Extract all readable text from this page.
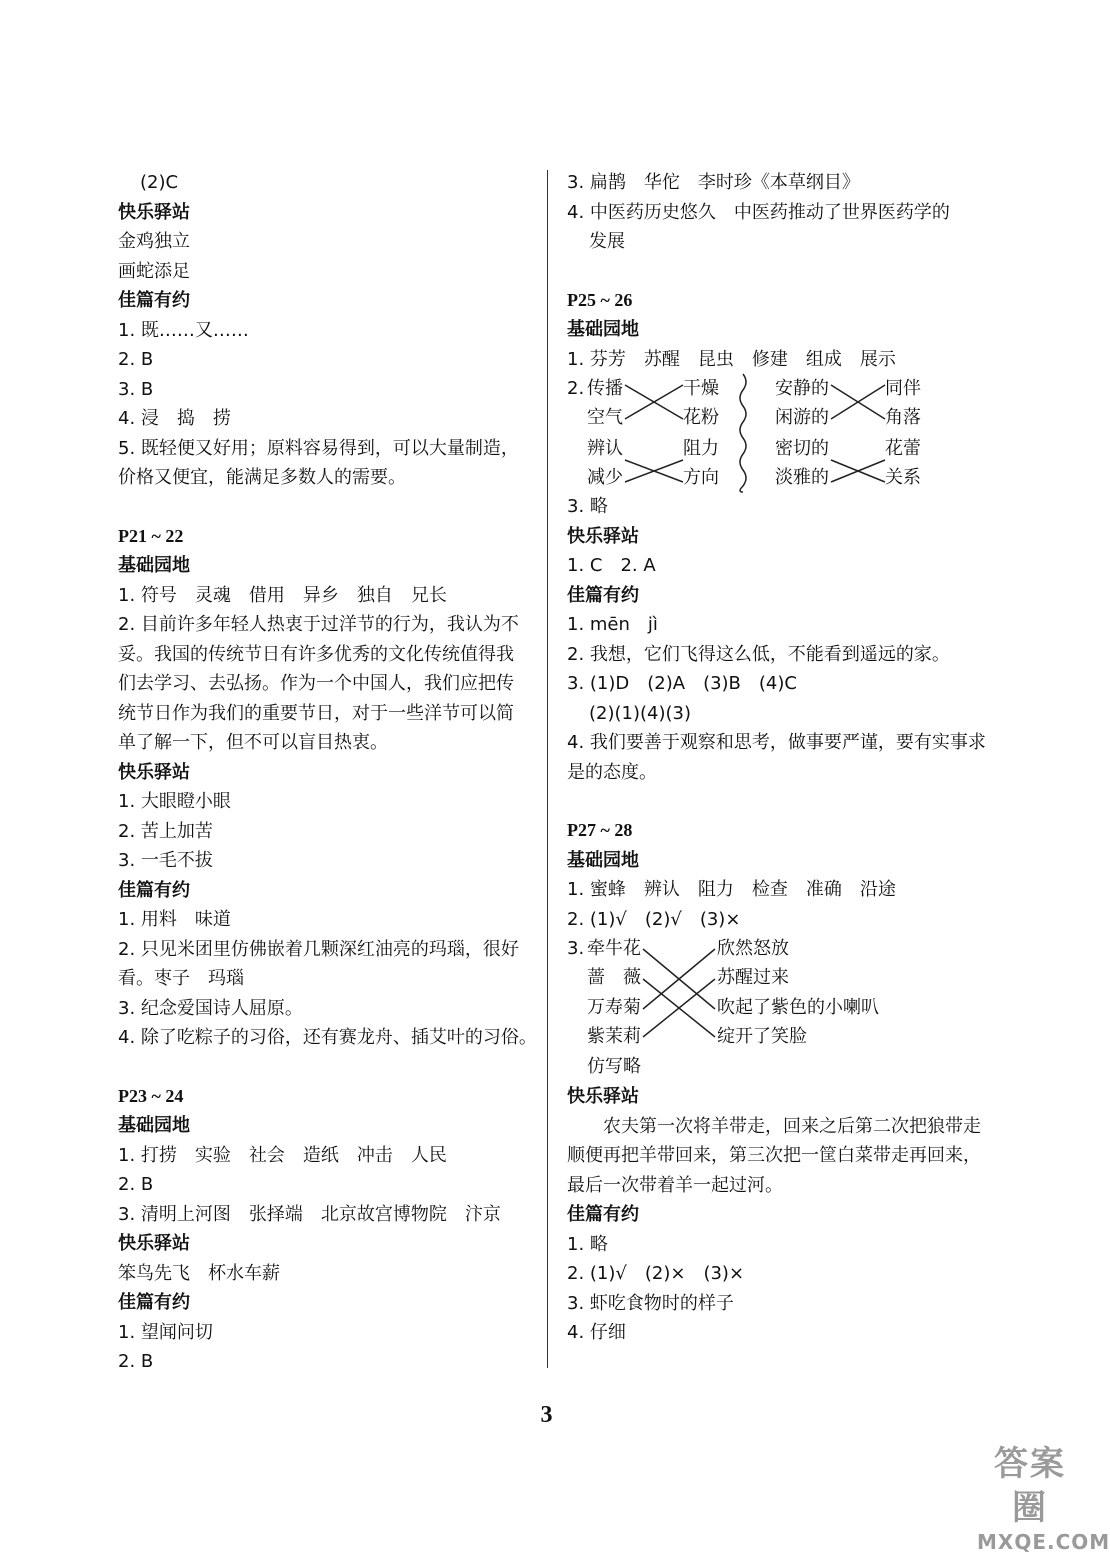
(2)C
快乐驿站
金鸡独立
画蛇添足
佳篇有约
1. 既……又……
2. B
3. B
4. 浸　捣　捞
5. 既轻便又好用；原料容易得到，可以大量制造，价格又便宜，能满足多数人的需要。
P21 ~ 22
基础园地
1. 符号　灵魂　借用　异乡　独自　兄长
2. 目前许多年轻人热衷于过洋节的行为，我认为不妥。我国的传统节日有许多优秀的文化传统值得我们去学习、去弘扬。作为一个中国人，我们应把传统节日作为我们的重要节日，对于一些洋节可以简单了解一下，但不可以盲目热衷。
快乐驿站
1. 大眼瞪小眼
2. 苦上加苦
3. 一毛不拔
佳篇有约
1. 用料　味道
2. 只见米团里仿佛嵌着几颗深红油亮的玛瑙，很好看。枣子　玛瑙
3. 纪念爱国诗人屈原。
4. 除了吃粽子的习俗，还有赛龙舟、插艾叶的习俗。
P23 ~ 24
基础园地
1. 打捞　实验　社会　造纸　冲击　人民
2. B
3. 清明上河图　张择端　北京故宫博物院　汴京
快乐驿站
笨鸟先飞　杯水车薪
佳篇有约
1. 望闻问切
2. B
3. 扁鹊　华佗　李时珍《本草纲目》
4. 中医药历史悠久　中医药推动了世界医药学的
发展
P25 ~ 26
基础园地
1. 芬芳　苏醒　昆虫　修建　组成　展示
2. 传播
空气
辨认
减少
干燥
花粉
阻力
方向
安静的
闲游的
密切的
淡雅的
同伴
角落
花蕾
关系
3. 略
快乐驿站
1. C　2. A
佳篇有约
1. mēn　jì
2. 我想，它们飞得这么低，不能看到遥远的家。
3. (1)D　(2)A　(3)B　(4)C
(2)(1)(4)(3)
4. 我们要善于观察和思考，做事要严谨，要有实事求是的态度。
P27 ~ 28
基础园地
1. 蜜蜂　辨认　阻力　检查　准确　沿途
2. (1)√　(2)√　(3)×
3. 牵牛花
蔷　薇
万寿菊
紫茉莉
仿写略
欣然怒放
苏醒过来
吹起了紫色的小喇叭
绽开了笑脸
快乐驿站
农夫第一次将羊带走，回来之后第二次把狼带走顺便再把羊带回来，第三次把一筐白菜带走再回来，最后一次带着羊一起过河。
佳篇有约
1. 略
2. (1)√　(2)×　(3)×
3. 虾吃食物时的样子
4. 仔细
3
答案圈
MXQE.COM
